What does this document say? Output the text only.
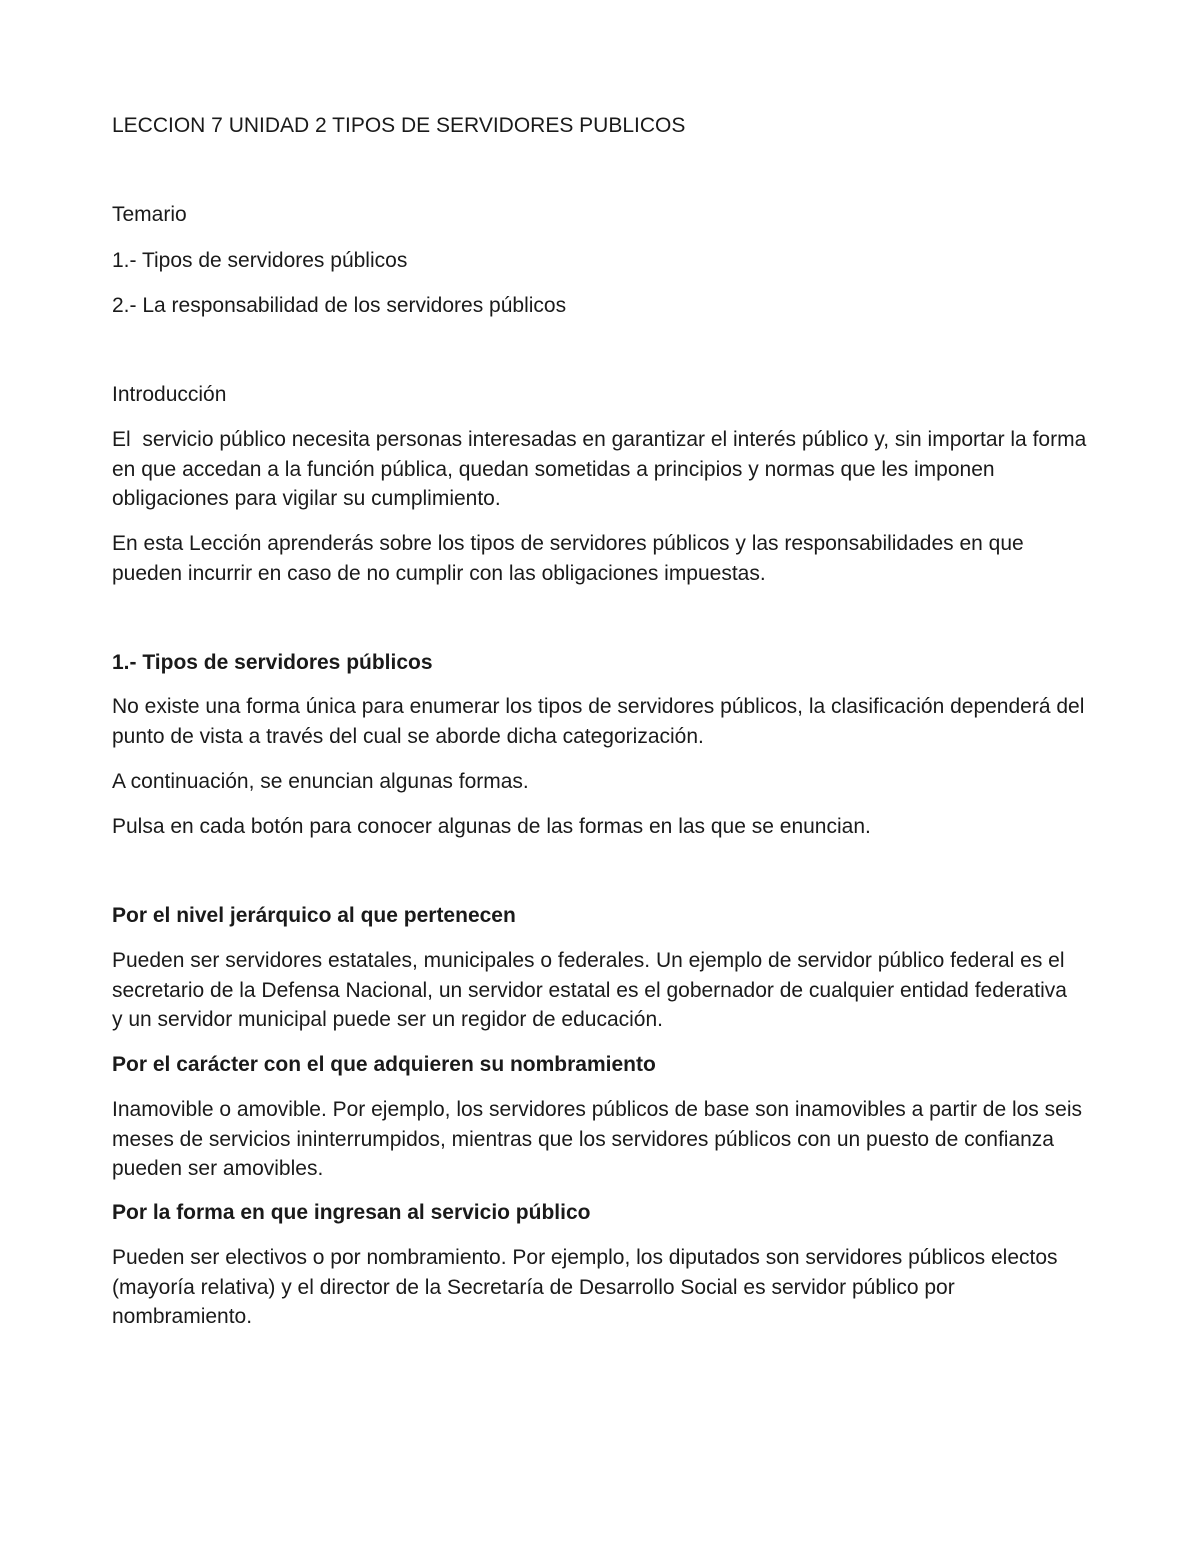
LECCION 7 UNIDAD 2 TIPOS DE SERVIDORES PUBLICOS

Temario

1.- Tipos de servidores públicos

2.- La responsabilidad de los servidores públicos

Introducción

El  servicio público necesita personas interesadas en garantizar el interés público y, sin importar la forma en que accedan a la función pública, quedan sometidas a principios y normas que les imponen obligaciones para vigilar su cumplimiento.

En esta Lección aprenderás sobre los tipos de servidores públicos y las responsabilidades en que pueden incurrir en caso de no cumplir con las obligaciones impuestas.

1.- Tipos de servidores públicos

No existe una forma única para enumerar los tipos de servidores públicos, la clasificación dependerá del punto de vista a través del cual se aborde dicha categorización.

A continuación, se enuncian algunas formas.

Pulsa en cada botón para conocer algunas de las formas en las que se enuncian.

Por el nivel jerárquico al que pertenecen

Pueden ser servidores estatales, municipales o federales. Un ejemplo de servidor público federal es el secretario de la Defensa Nacional, un servidor estatal es el gobernador de cualquier entidad federativa y un servidor municipal puede ser un regidor de educación.

Por el carácter con el que adquieren su nombramiento

Inamovible o amovible. Por ejemplo, los servidores públicos de base son inamovibles a partir de los seis meses de servicios ininterrumpidos, mientras que los servidores públicos con un puesto de confianza pueden ser amovibles.

Por la forma en que ingresan al servicio público

Pueden ser electivos o por nombramiento. Por ejemplo, los diputados son servidores públicos electos (mayoría relativa) y el director de la Secretaría de Desarrollo Social es servidor público por nombramiento.
